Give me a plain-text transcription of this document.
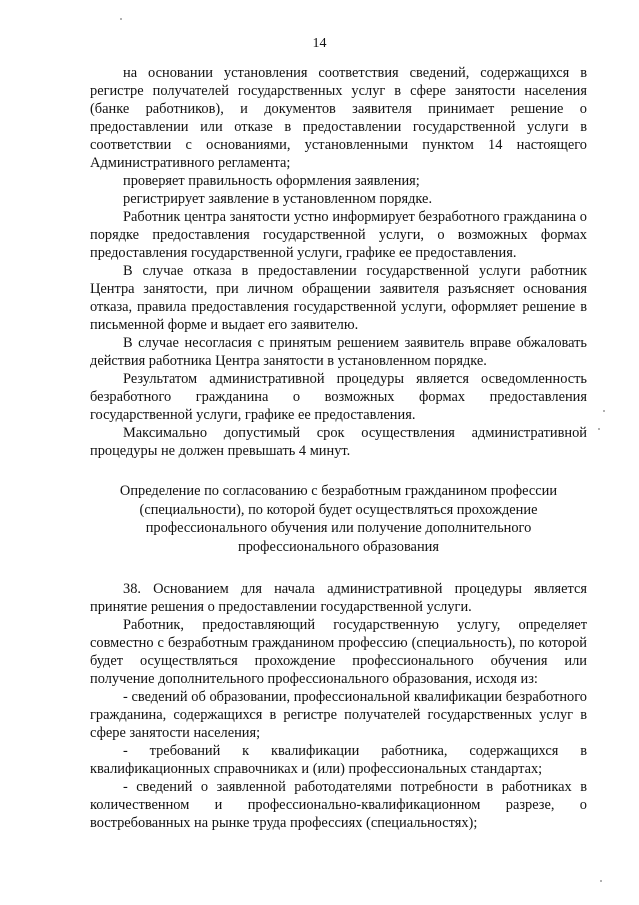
14

на основании установления соответствия сведений, содержащихся в регистре получателей государственных услуг в сфере занятости населения (банке работников), и документов заявителя принимает решение о предоставлении или отказе в предоставлении государственной услуги в соответствии с основаниями, установленными пунктом 14 настоящего Административного регламента;

проверяет правильность оформления заявления;

регистрирует заявление в установленном порядке.

Работник центра занятости устно информирует безработного гражданина о порядке предоставления государственной услуги, о возможных формах предоставления государственной услуги, графике ее предоставления.

В случае отказа в предоставлении государственной услуги работник Центра занятости, при личном обращении заявителя разъясняет основания отказа, правила предоставления государственной услуги, оформляет решение в письменной форме и выдает его заявителю.

В случае несогласия с принятым решением заявитель вправе обжаловать действия работника Центра занятости в установленном порядке.

Результатом административной процедуры является осведомленность безработного гражданина о возможных формах предоставления государственной услуги, графике ее предоставления.

Максимально допустимый срок осуществления административной процедуры не должен превышать 4 минут.

Определение по согласованию с безработным гражданином профессии (специальности), по которой будет осуществляться прохождение профессионального обучения или получение дополнительного профессионального образования

38. Основанием для начала административной процедуры является принятие решения о предоставлении государственной услуги.

Работник, предоставляющий государственную услугу, определяет совместно с безработным гражданином профессию (специальность), по которой будет осуществляться прохождение профессионального обучения или получение дополнительного профессионального образования, исходя из:

- сведений об образовании, профессиональной квалификации безработного гражданина, содержащихся в регистре получателей государственных услуг в сфере занятости населения;

- требований к квалификации работника, содержащихся в квалификационных справочниках и (или) профессиональных стандартах;

- сведений о заявленной работодателями потребности в работниках в количественном и профессионально-квалификационном разрезе, о востребованных на рынке труда профессиях (специальностях);
